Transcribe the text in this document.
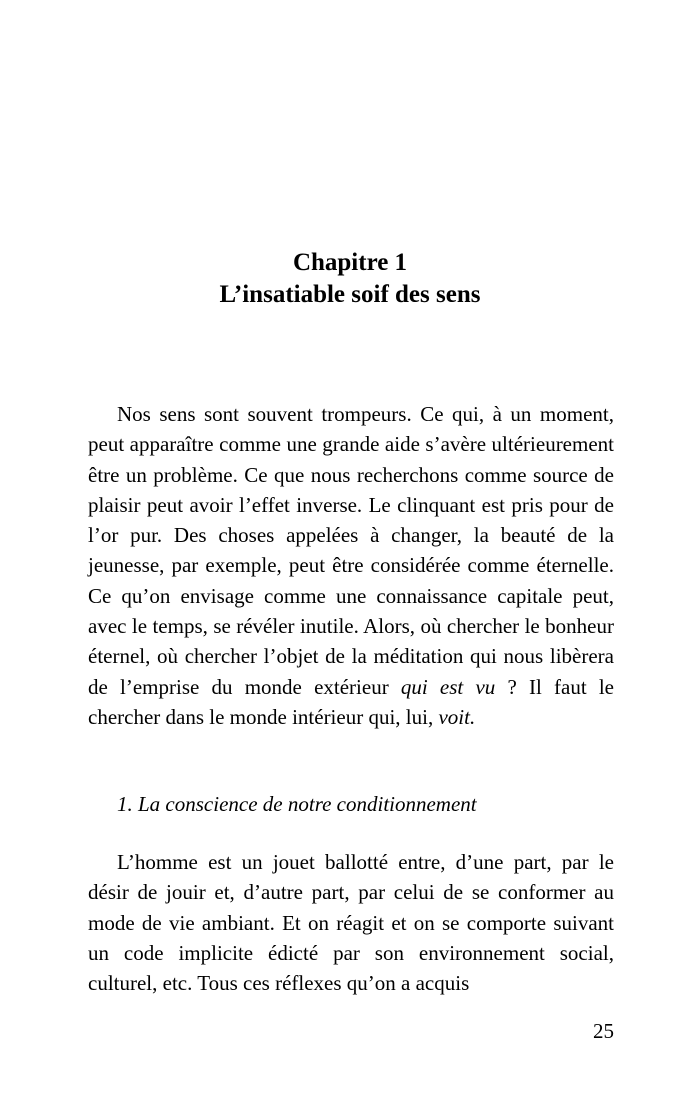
Chapitre 1
L’insatiable soif des sens

Nos sens sont souvent trompeurs. Ce qui, à un moment, peut apparaître comme une grande aide s’avère ultérieurement être un problème. Ce que nous recherchons comme source de plaisir peut avoir l’effet inverse. Le clinquant est pris pour de l’or pur. Des choses appelées à changer, la beauté de la jeunesse, par exemple, peut être considérée comme éternelle. Ce qu’on envisage comme une connaissance capitale peut, avec le temps, se révéler inutile. Alors, où chercher le bonheur éternel, où chercher l’objet de la méditation qui nous libèrera de l’emprise du monde extérieur qui est vu ? Il faut le chercher dans le monde intérieur qui, lui, voit.

1. La conscience de notre conditionnement

L’homme est un jouet ballotté entre, d’une part, par le désir de jouir et, d’autre part, par celui de se conformer au mode de vie ambiant. Et on réagit et on se comporte suivant un code implicite édicté par son environnement social, culturel, etc. Tous ces réflexes qu’on a acquis

25
